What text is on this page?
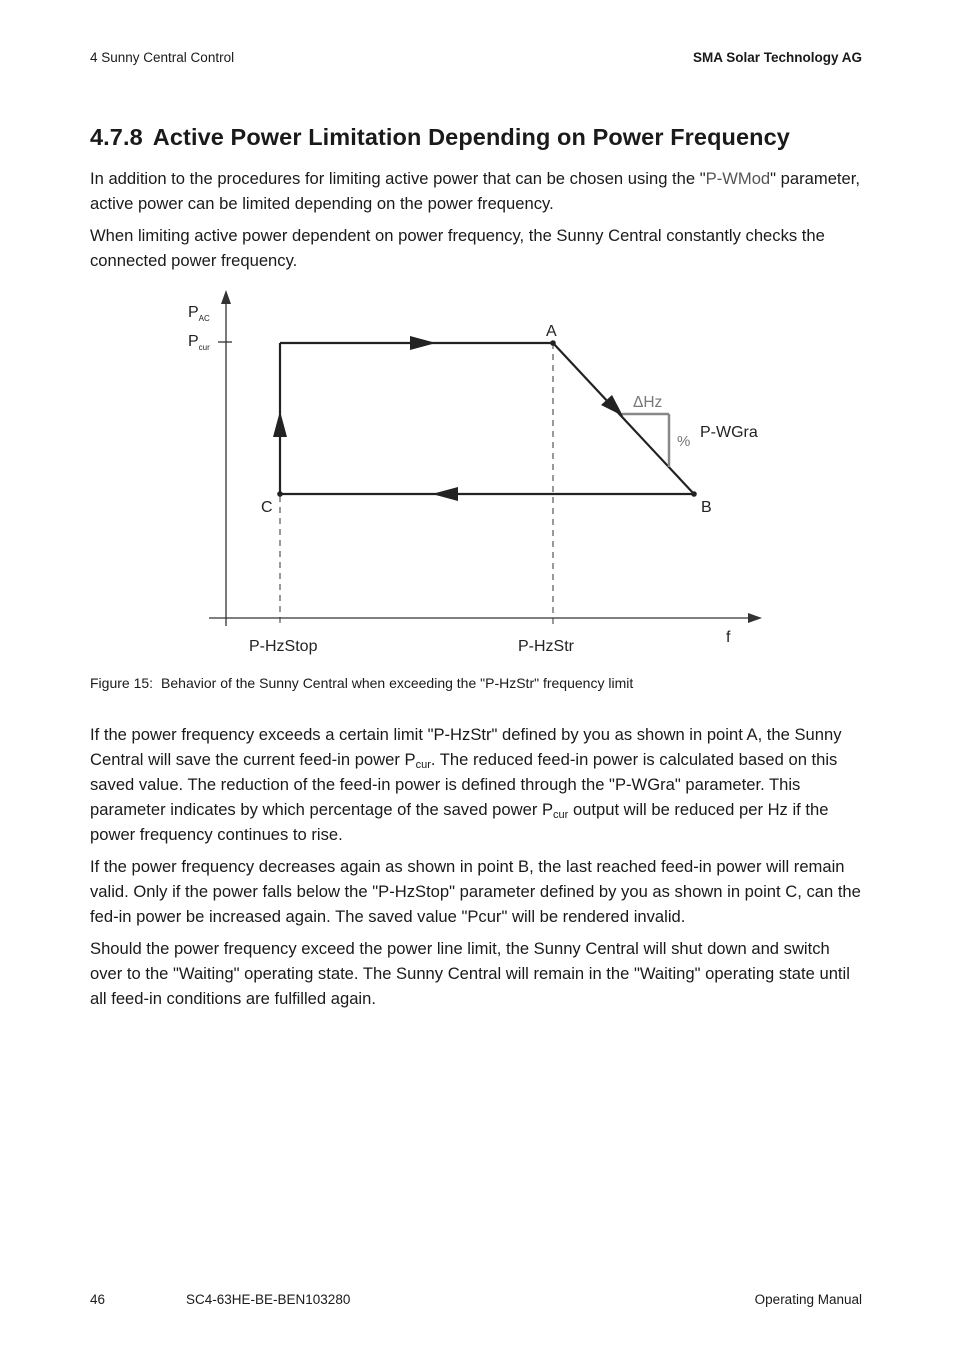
4 Sunny Central Control	SMA Solar Technology AG
4.7.8 Active Power Limitation Depending on Power Frequency

In addition to the procedures for limiting active power that can be chosen using the "P-WMod" parameter, active power can be limited depending on the power frequency.

When limiting active power dependent on power frequency, the Sunny Central constantly checks the connected power frequency.

$P_{AC}$
$P_{cur}$
A
B
C
ΔHz
%
P-WGra
f
P-HzStop	P-HzStr
Figure 15: Behavior of the Sunny Central when exceeding the "P-HzStr" frequency limit

If the power frequency exceeds a certain limit "P-HzStr" defined by you as shown in point A, the Sunny Central will save the current feed-in power $P_{cur}$. The reduced feed-in power is calculated based on this saved value. The reduction of the feed-in power is defined through the "P-WGra" parameter. This parameter indicates by which percentage of the saved power $P_{cur}$ output will be reduced per Hz if the power frequency continues to rise.

If the power frequency decreases again as shown in point B, the last reached feed-in power will remain valid. Only if the power falls below the "P-HzStop" parameter defined by you as shown in point C, can the fed-in power be increased again. The saved value "Pcur" will be rendered invalid.

Should the power frequency exceed the power line limit, the Sunny Central will shut down and switch over to the "Waiting" operating state. The Sunny Central will remain in the "Waiting" operating state until all feed-in conditions are fulfilled again.

46	SC4-63HE-BE-BEN103280	Operating Manual
